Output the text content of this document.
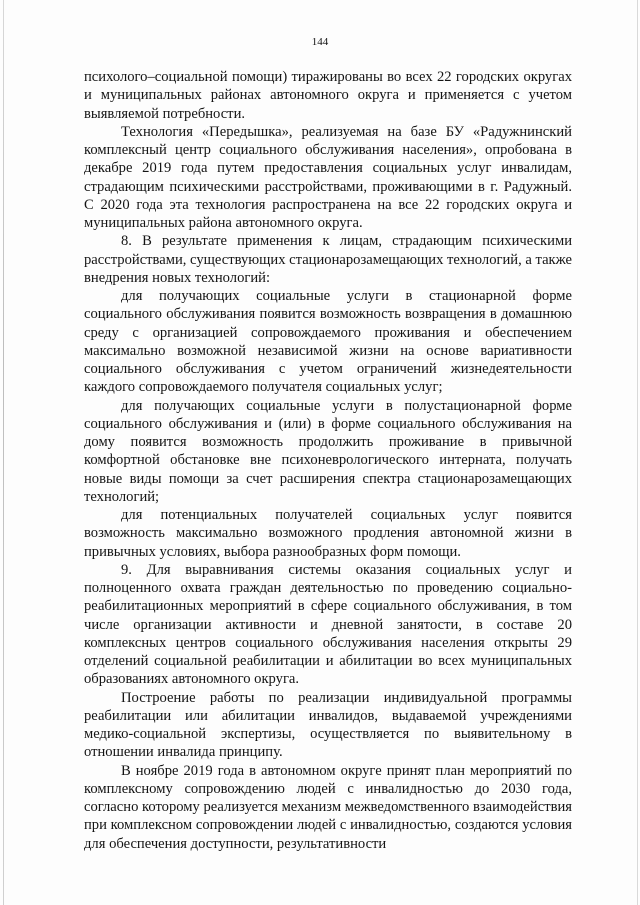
144

психолого–социальной помощи) тиражированы во всех 22 городских округах и муниципальных районах автономного округа и применяется с учетом выявляемой потребности.

Технология «Передышка», реализуемая на базе БУ «Радужнинский комплексный центр социального обслуживания населения», опробована в декабре 2019 года путем предоставления социальных услуг инвалидам, страдающим психическими расстройствами, проживающими в г. Радужный. С 2020 года эта технология распространена на все 22 городских округа и муниципальных района автономного округа.

8. В результате применения к лицам, страдающим психическими расстройствами, существующих стационарозамещающих технологий, а также внедрения новых технологий:

для получающих социальные услуги в стационарной форме социального обслуживания появится возможность возвращения в домашнюю среду с организацией сопровождаемого проживания и обеспечением максимально возможной независимой жизни на основе вариативности социального обслуживания с учетом ограничений жизнедеятельности каждого сопровождаемого получателя социальных услуг;

для получающих социальные услуги в полустационарной форме социального обслуживания и (или) в форме социального обслуживания на дому появится возможность продолжить проживание в привычной комфортной обстановке вне психоневрологического интерната, получать новые виды помощи за счет расширения спектра стационарозамещающих технологий;

для потенциальных получателей социальных услуг появится возможность максимально возможного продления автономной жизни в привычных условиях, выбора разнообразных форм помощи.

9. Для выравнивания системы оказания социальных услуг и полноценного охвата граждан деятельностью по проведению социально-реабилитационных мероприятий в сфере социального обслуживания, в том числе организации активности и дневной занятости, в составе 20 комплексных центров социального обслуживания населения открыты 29 отделений социальной реабилитации и абилитации во всех муниципальных образованиях автономного округа.

Построение работы по реализации индивидуальной программы реабилитации или абилитации инвалидов, выдаваемой учреждениями медико-социальной экспертизы, осуществляется по выявительному в отношении инвалида принципу.

В ноябре 2019 года в автономном округе принят план мероприятий по комплексному сопровождению людей с инвалидностью до 2030 года, согласно которому реализуется механизм межведомственного взаимодействия при комплексном сопровождении людей с инвалидностью, создаются условия для обеспечения доступности, результативности
